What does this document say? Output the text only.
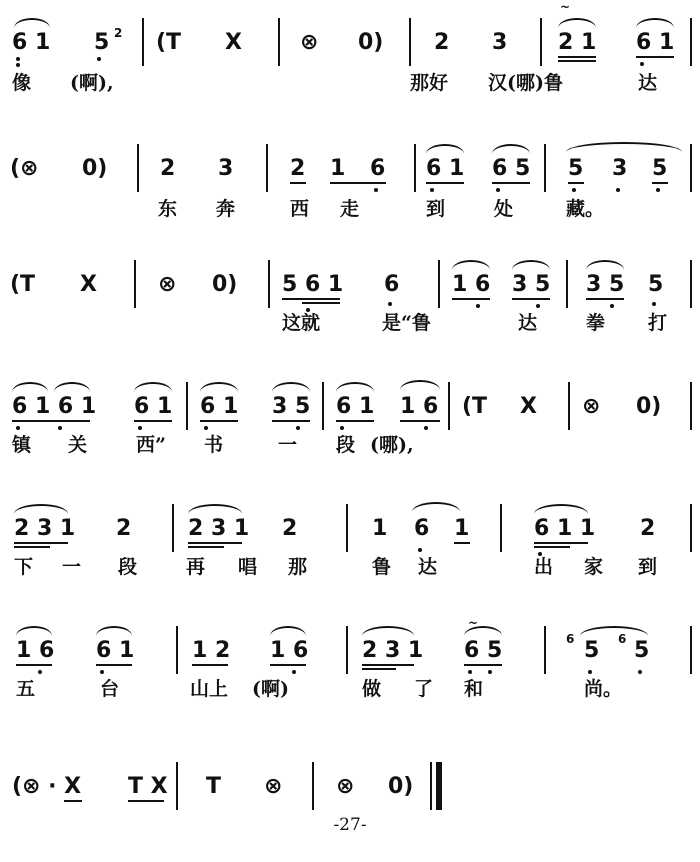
6 1 5 2 (T X	⊗ 0) 2 3
~
2 1 6 1
像 (啊),	那好 汉(哪)鲁	达
(⊗ 0) 2 3	2 1 6 6 1 6 5 5 3 5
东 奔	西 走	到	处	藏。
(T X	⊗ 0) 5 6 1 6 1 6 3 5 3 5 5
这就	是“鲁	达	拳 打
6 1 6 1 6 1 6 1 3 5 6 1 1 6 (T X ⊗ 0)
镇 关	西” 书	一 段 (哪),
2 3 1 2	2 3 1 2	1 6 1	6 1 1 2
下 一 段	再 唱 那	鲁 达	出 家 到
1 6 6 1	1 2 1 6 2 3 1
~
6 5	6 5 6 5
五	台	山上 (啊)	做 了 和	尚。
(⊗ · X T X T ⊗ ⊗ 0)
-27-
